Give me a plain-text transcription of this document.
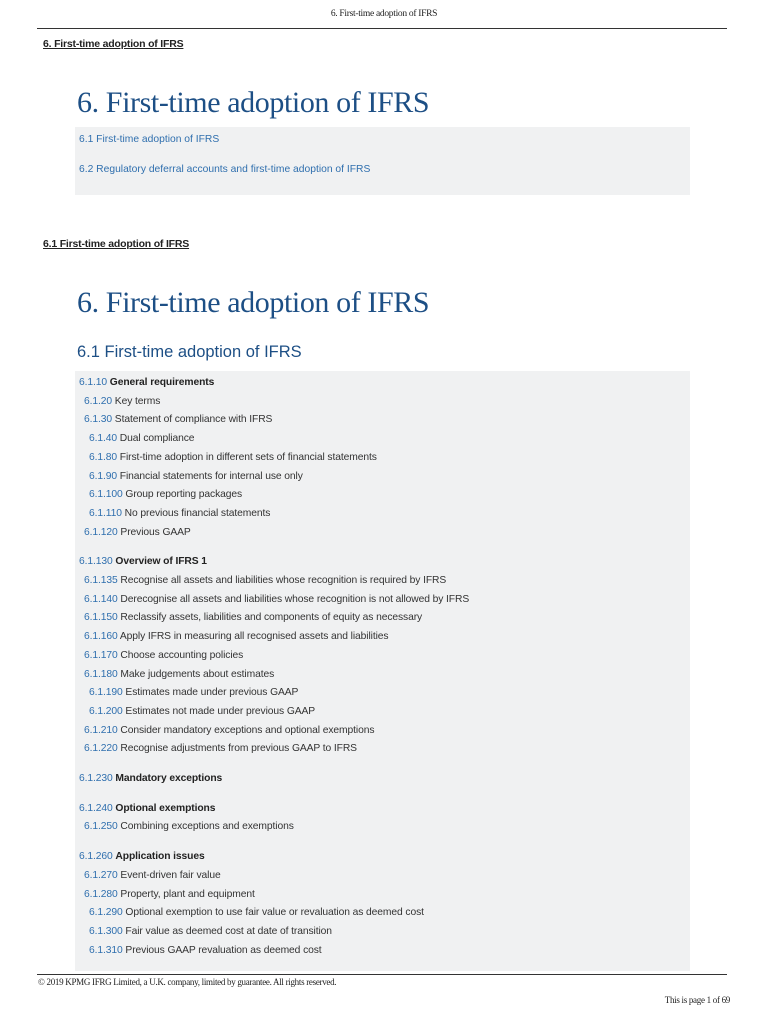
6. First-time adoption of IFRS
6. First-time adoption of IFRS
6. First-time adoption of IFRS
6.1 First-time adoption of IFRS
6.2 Regulatory deferral accounts and first-time adoption of IFRS
6.1 First-time adoption of IFRS
6. First-time adoption of IFRS
6.1 First-time adoption of IFRS
6.1.10 General requirements
6.1.20 Key terms
6.1.30 Statement of compliance with IFRS
6.1.40 Dual compliance
6.1.80 First-time adoption in different sets of financial statements
6.1.90 Financial statements for internal use only
6.1.100 Group reporting packages
6.1.110 No previous financial statements
6.1.120 Previous GAAP
6.1.130 Overview of IFRS 1
6.1.135 Recognise all assets and liabilities whose recognition is required by IFRS
6.1.140 Derecognise all assets and liabilities whose recognition is not allowed by IFRS
6.1.150 Reclassify assets, liabilities and components of equity as necessary
6.1.160 Apply IFRS in measuring all recognised assets and liabilities
6.1.170 Choose accounting policies
6.1.180 Make judgements about estimates
6.1.190 Estimates made under previous GAAP
6.1.200 Estimates not made under previous GAAP
6.1.210 Consider mandatory exceptions and optional exemptions
6.1.220 Recognise adjustments from previous GAAP to IFRS
6.1.230 Mandatory exceptions
6.1.240 Optional exemptions
6.1.250 Combining exceptions and exemptions
6.1.260 Application issues
6.1.270 Event-driven fair value
6.1.280 Property, plant and equipment
6.1.290 Optional exemption to use fair value or revaluation as deemed cost
6.1.300 Fair value as deemed cost at date of transition
6.1.310 Previous GAAP revaluation as deemed cost
© 2019 KPMG IFRG Limited, a U.K. company, limited by guarantee. All rights reserved.
This is page 1 of 69
